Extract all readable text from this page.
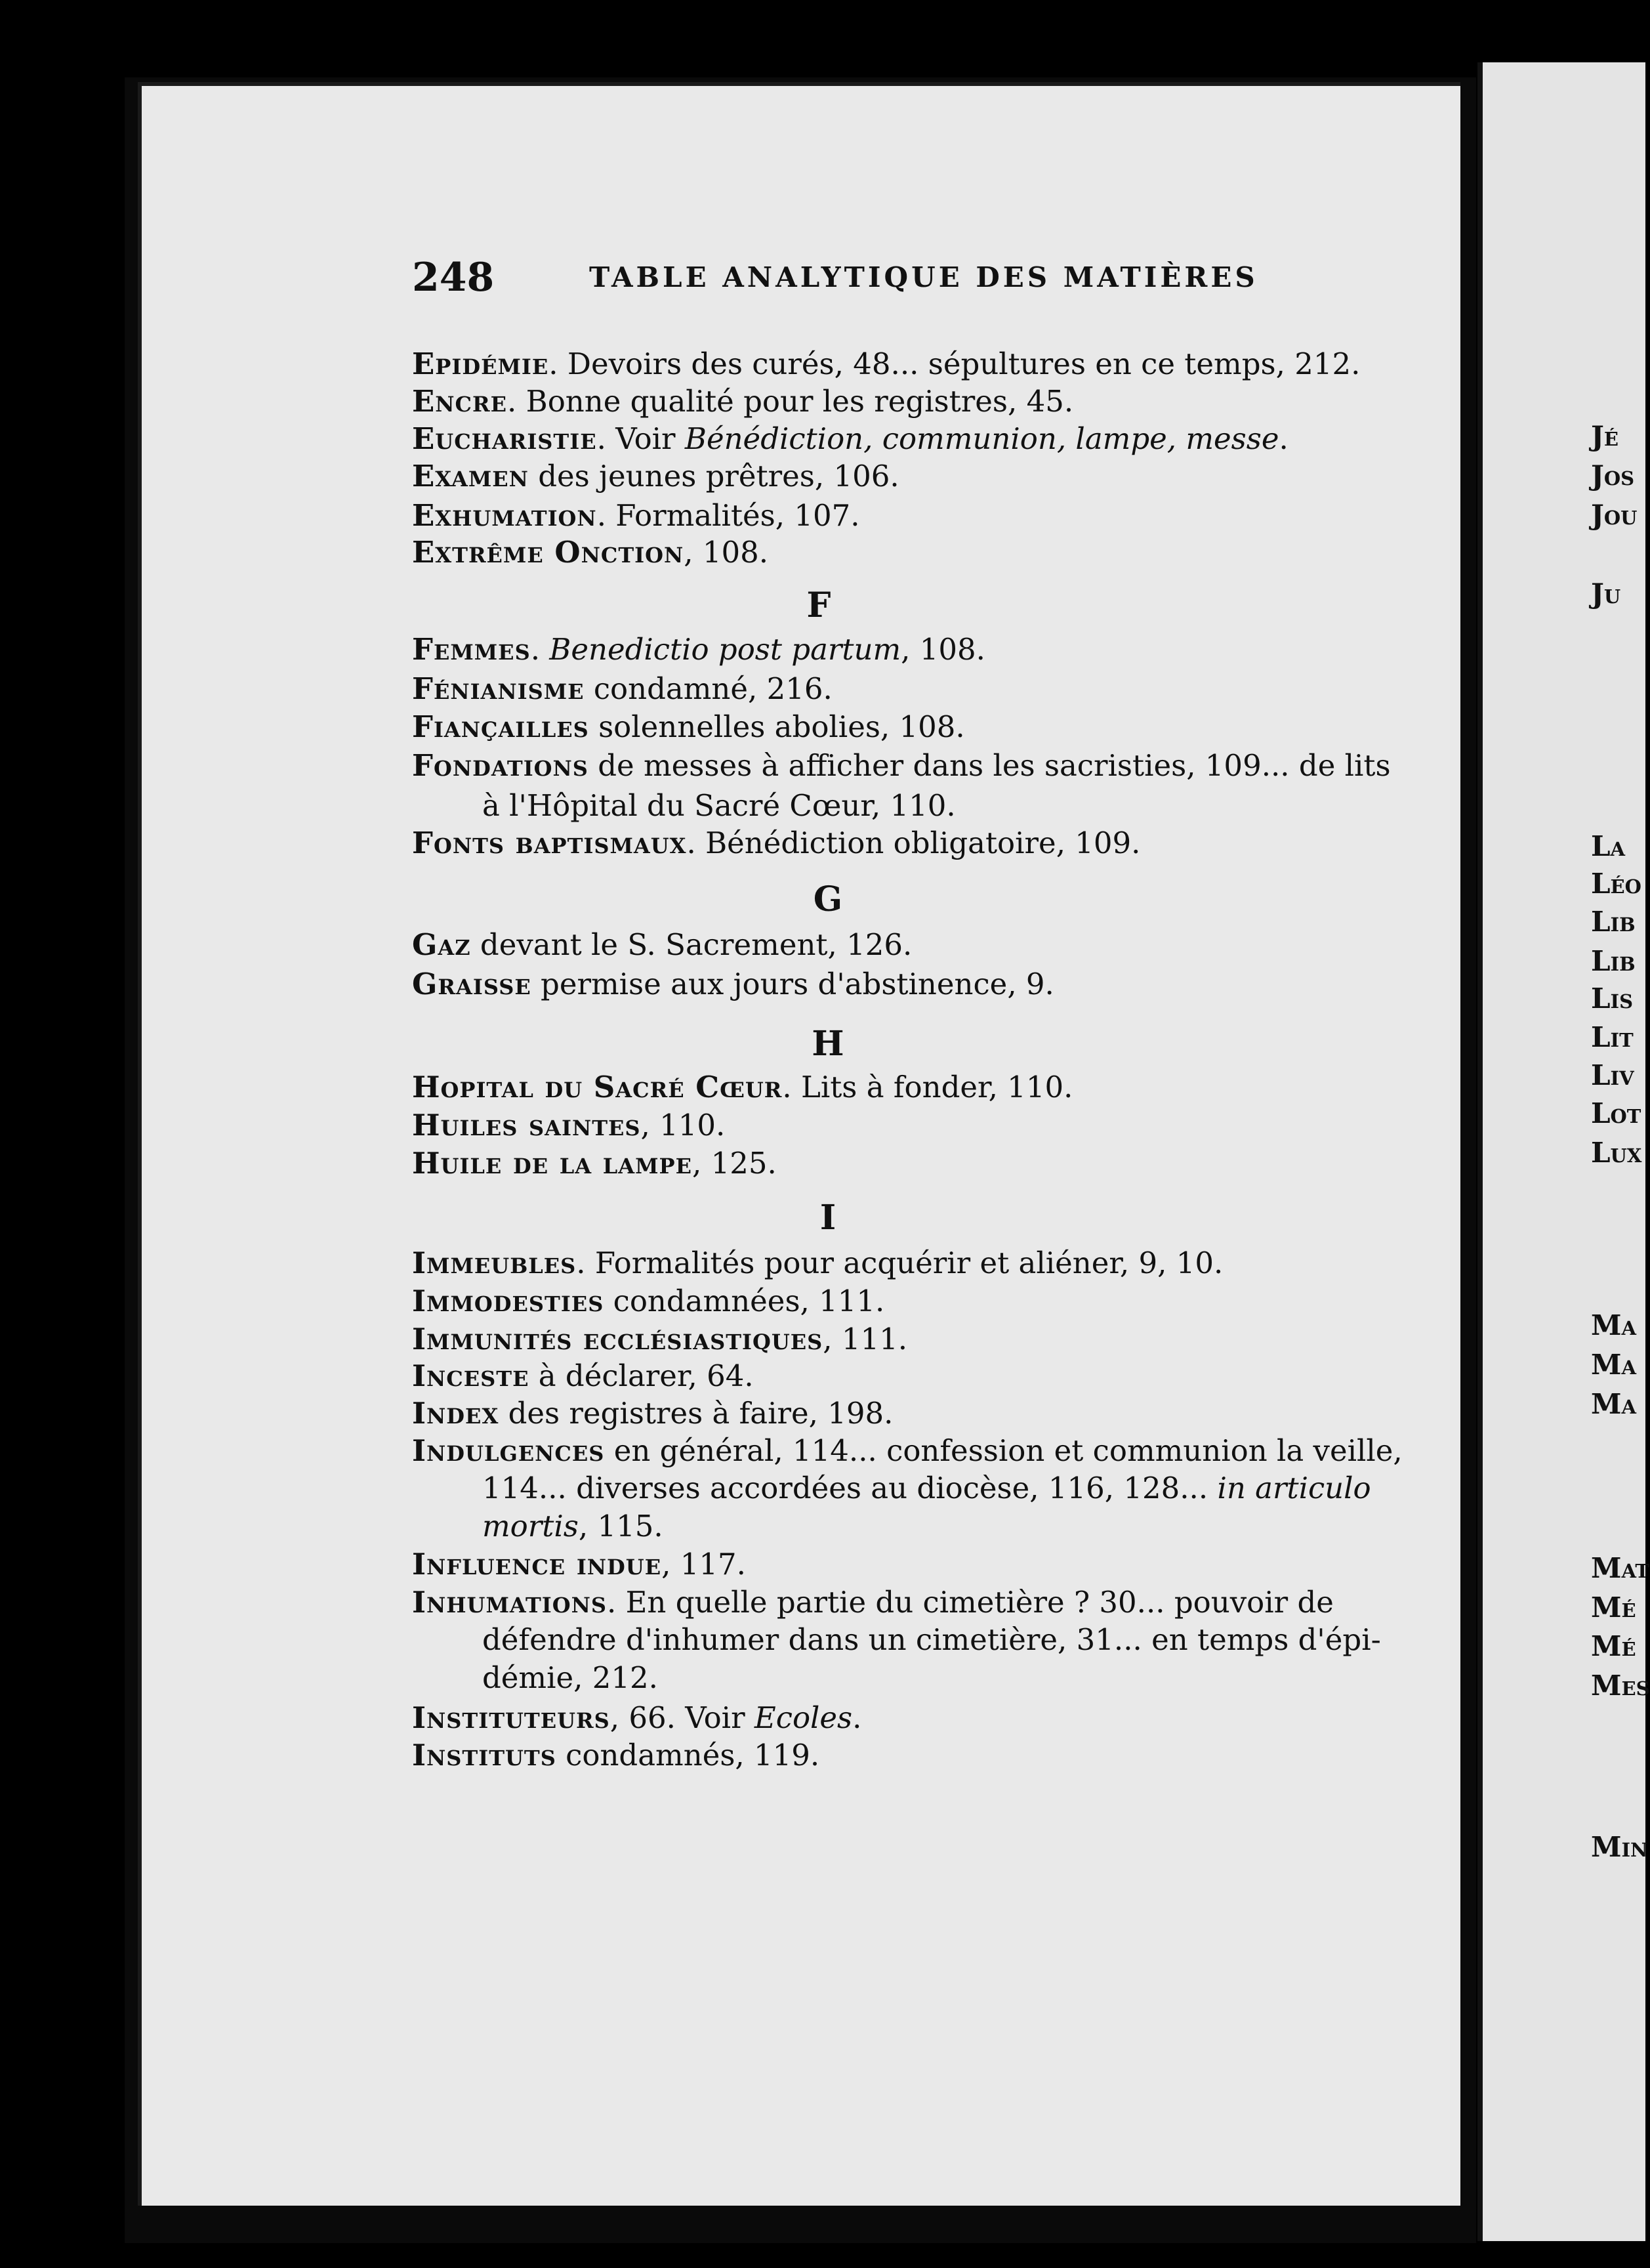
248	TABLE ANALYTIQUE DES MATIÈRES
Epidémie. Devoirs des curés, 48... sépultures en ce temps, 212.
Encre. Bonne qualité pour les registres, 45.
Eucharistie. Voir Bénédiction, communion, lampe, messe.
Examen des jeunes prêtres, 106.
Exhumation. Formalités, 107.
Extrême Onction, 108.
F
Femmes. Benedictio post partum, 108.
Fénianisme condamné, 216.
Fiançailles solennelles abolies, 108.
Fondations de messes à afficher dans les sacristies, 109... de lits
à l'Hôpital du Sacré Cœur, 110.
Fonts baptismaux. Bénédiction obligatoire, 109.
G
Gaz devant le S. Sacrement, 126.
Graisse permise aux jours d'abstinence, 9.
H
Hopital du Sacré Cœur. Lits à fonder, 110.
Huiles saintes, 110.
Huile de la lampe, 125.
I
Immeubles. Formalités pour acquérir et aliéner, 9, 10.
Immodesties condamnées, 111.
Immunités ecclésiastiques, 111.
Inceste à déclarer, 64.
Index des registres à faire, 198.
Indulgences en général, 114... confession et communion la veille,
114... diverses accordées au diocèse, 116, 128... in articulo
mortis, 115.
Influence indue, 117.
Inhumations. En quelle partie du cimetière ? 30... pouvoir de
défendre d'inhumer dans un cimetière, 31... en temps d'épi-
démie, 212.
Instituteurs, 66. Voir Ecoles.
Instituts condamnés, 119.
Jé
Jos
Jou
Ju
La
Léo
Lib
Lib
Lis
Lit
Liv
Lot
Lux
Ma
Ma
Ma
Mat
Mé
Mé
Mes
Min
